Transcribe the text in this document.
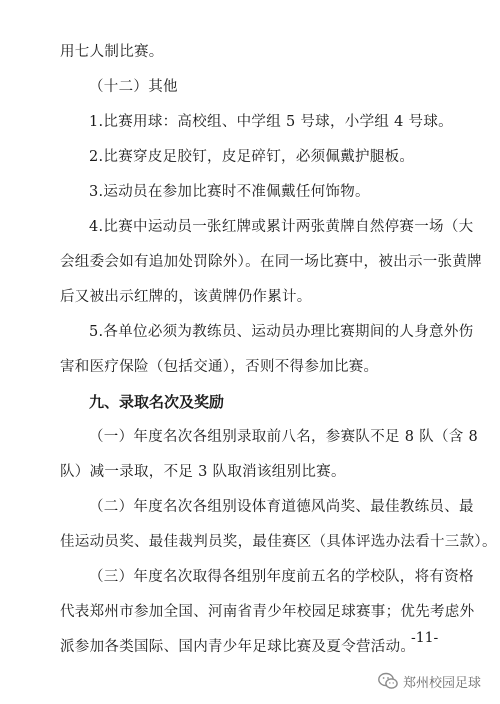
用七人制比赛。
（十二）其他
1.比赛用球：高校组、中学组 5 号球，小学组 4 号球。
2.比赛穿皮足胶钉，皮足碎钉，必须佩戴护腿板。
3.运动员在参加比赛时不准佩戴任何饰物。
4.比赛中运动员一张红牌或累计两张黄牌自然停赛一场（大
会组委会如有追加处罚除外）。在同一场比赛中，被出示一张黄牌
后又被出示红牌的，该黄牌仍作累计。
5.各单位必须为教练员、运动员办理比赛期间的人身意外伤
害和医疗保险（包括交通），否则不得参加比赛。
九、录取名次及奖励
（一）年度名次各组别录取前八名，参赛队不足 8 队（含 8
队）减一录取，不足 3 队取消该组别比赛。
（二）年度名次各组别设体育道德风尚奖、最佳教练员、最
佳运动员奖、最佳裁判员奖，最佳赛区（具体评选办法看十三款）。
（三）年度名次取得各组别年度前五名的学校队，将有资格
代表郑州市参加全国、河南省青少年校园足球赛事；优先考虑外
派参加各类国际、国内青少年足球比赛及夏令营活动。
-11-
郑州校园足球
